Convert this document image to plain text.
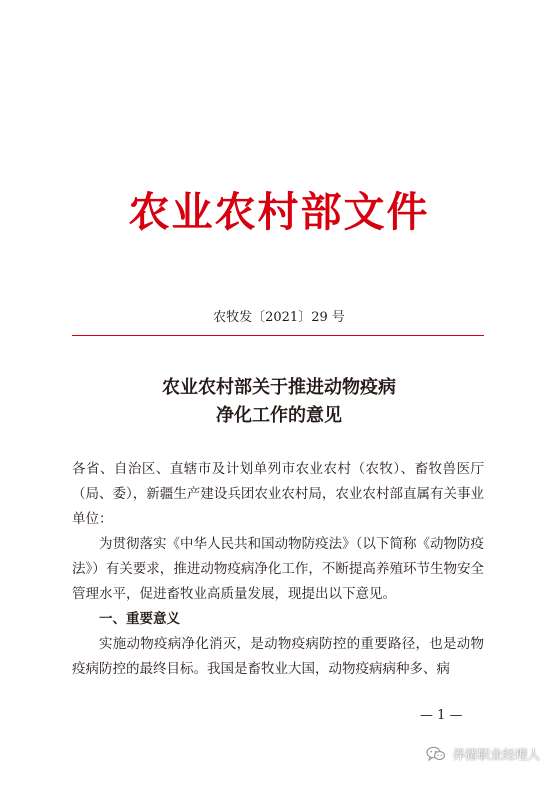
农业农村部文件
农牧发〔2021〕29 号
农业农村部关于推进动物疫病
净化工作的意见

各省、自治区、直辖市及计划单列市农业农村（农牧）、畜牧兽医厅（局、委），新疆生产建设兵团农业农村局，农业农村部直属有关事业单位：

为贯彻落实《中华人民共和国动物防疫法》（以下简称《动物防疫法》）有关要求，推进动物疫病净化工作，不断提高养殖环节生物安全管理水平，促进畜牧业高质量发展，现提出以下意见。

一、重要意义

实施动物疫病净化消灭，是动物疫病防控的重要路径，也是动物疫病防控的最终目标。我国是畜牧业大国，动物疫病病种多、病

— 1 —
养猪职业经理人
